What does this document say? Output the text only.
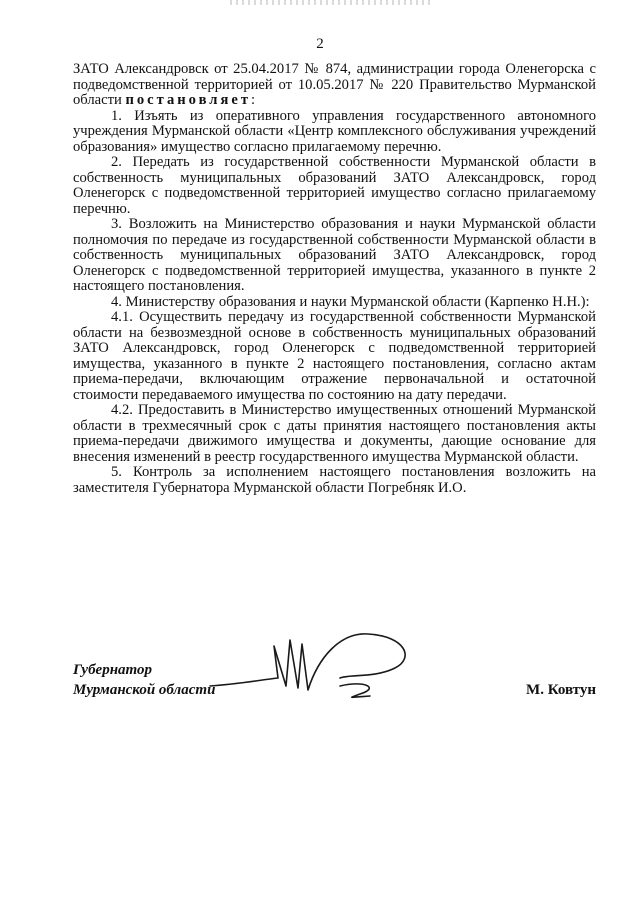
2

ЗАТО Александровск от 25.04.2017 № 874, администрации города Оленегорска с подведомственной территорией от 10.05.2017 № 220 Правительство Мурманской области постановляет:

1. Изъять из оперативного управления государственного автономного учреждения Мурманской области «Центр комплексного обслуживания учреждений образования» имущество согласно прилагаемому перечню.

2. Передать из государственной собственности Мурманской области в собственность муниципальных образований ЗАТО Александровск, город Оленегорск с подведомственной территорией имущество согласно прилагаемому перечню.

3. Возложить на Министерство образования и науки Мурманской области полномочия по передаче из государственной собственности Мурманской области в собственность муниципальных образований ЗАТО Александровск, город Оленегорск с подведомственной территорией имущества, указанного в пункте 2 настоящего постановления.

4. Министерству образования и науки Мурманской области (Карпенко Н.Н.):

4.1. Осуществить передачу из государственной собственности Мурманской области на безвозмездной основе в собственность муниципальных образований ЗАТО Александровск, город Оленегорск с подведомственной территорией имущества, указанного в пункте 2 настоящего постановления, согласно актам приема-передачи, включающим отражение первоначальной и остаточной стоимости передаваемого имущества по состоянию на дату передачи.

4.2. Предоставить в Министерство имущественных отношений Мурманской области в трехмесячный срок с даты принятия настоящего постановления акты приема-передачи движимого имущества и документы, дающие основание для внесения изменений в реестр государственного имущества Мурманской области.

5. Контроль за исполнением настоящего постановления возложить на заместителя Губернатора Мурманской области Погребняк И.О.

Губернатор
Мурманской области	М. Ковтун
